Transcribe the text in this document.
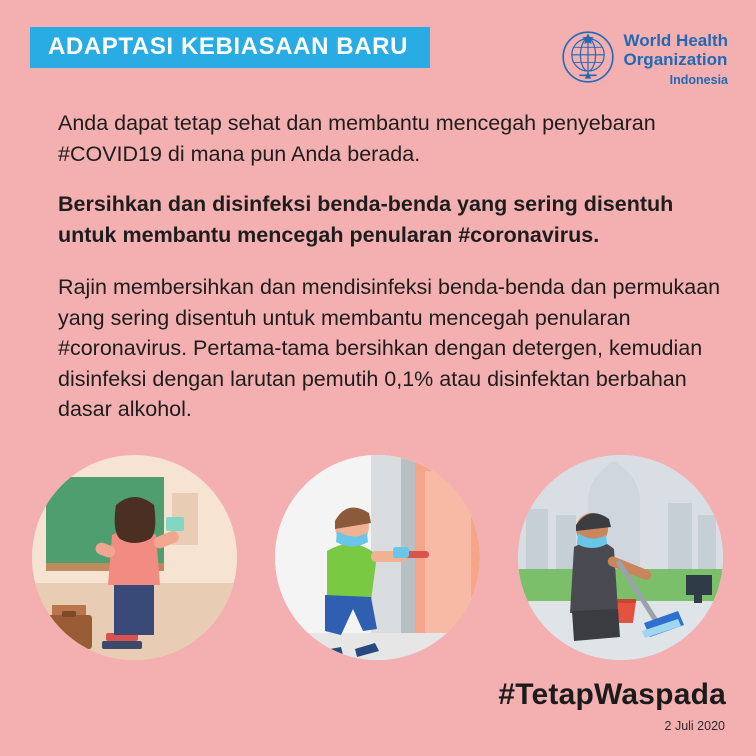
ADAPTASI KEBIASAAN BARU	World Health
Organization
Indonesia

Anda dapat tetap sehat dan membantu mencegah penyebaran #COVID19 di mana pun Anda berada.

Bersihkan dan disinfeksi benda-benda yang sering disentuh untuk membantu mencegah penularan #coronavirus.

Rajin membersihkan dan mendisinfeksi benda-benda dan permukaan yang sering disentuh untuk membantu mencegah penularan #coronavirus. Pertama-tama bersihkan dengan detergen, kemudian disinfeksi dengan larutan pemutih 0,1% atau disinfektan berbahan dasar alkohol.

#TetapWaspada
2 Juli 2020
